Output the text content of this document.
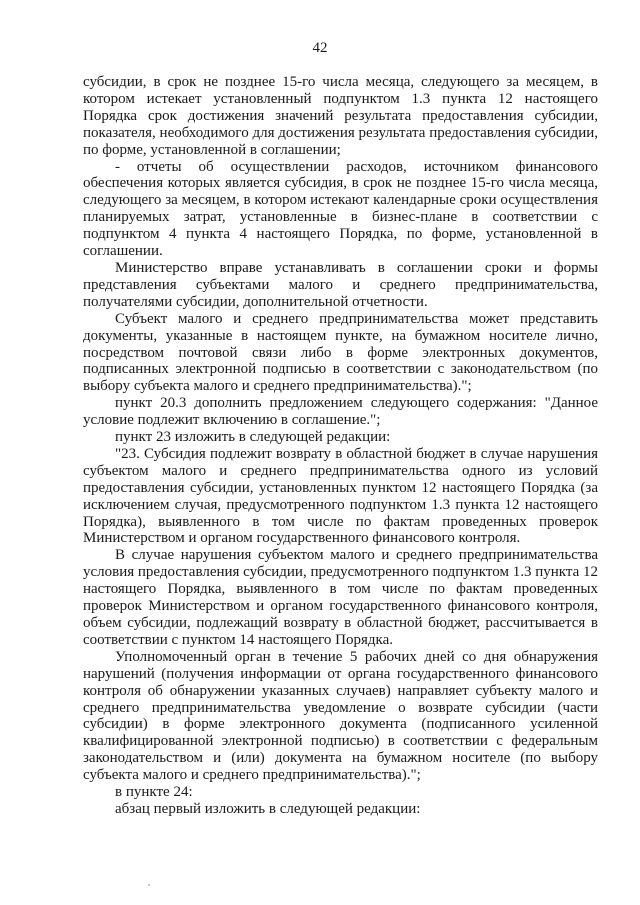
42

субсидии, в срок не позднее 15-го числа месяца, следующего за месяцем, в котором истекает установленный подпунктом 1.3 пункта 12 настоящего Порядка срок достижения значений результата предоставления субсидии, показателя, необходимого для достижения результата предоставления субсидии, по форме, установленной в соглашении;

- отчеты об осуществлении расходов, источником финансового обеспечения которых является субсидия, в срок не позднее 15-го числа месяца, следующего за месяцем, в котором истекают календарные сроки осуществления планируемых затрат, установленные в бизнес-плане в соответствии с подпунктом 4 пункта 4 настоящего Порядка, по форме, установленной в соглашении.

Министерство вправе устанавливать в соглашении сроки и формы представления субъектами малого и среднего предпринимательства, получателями субсидии, дополнительной отчетности.

Субъект малого и среднего предпринимательства может представить документы, указанные в настоящем пункте, на бумажном носителе лично, посредством почтовой связи либо в форме электронных документов, подписанных электронной подписью в соответствии с законодательством (по выбору субъекта малого и среднего предпринимательства).";

пункт 20.3 дополнить предложением следующего содержания: "Данное условие подлежит включению в соглашение.";

пункт 23 изложить в следующей редакции:

"23. Субсидия подлежит возврату в областной бюджет в случае нарушения субъектом малого и среднего предпринимательства одного из условий предоставления субсидии, установленных пунктом 12 настоящего Порядка (за исключением случая, предусмотренного подпунктом 1.3 пункта 12 настоящего Порядка), выявленного в том числе по фактам проведенных проверок Министерством и органом государственного финансового контроля.

В случае нарушения субъектом малого и среднего предпринимательства условия предоставления субсидии, предусмотренного подпунктом 1.3 пункта 12 настоящего Порядка, выявленного в том числе по фактам проведенных проверок Министерством и органом государственного финансового контроля, объем субсидии, подлежащий возврату в областной бюджет, рассчитывается в соответствии с пунктом 14 настоящего Порядка.

Уполномоченный орган в течение 5 рабочих дней со дня обнаружения нарушений (получения информации от органа государственного финансового контроля об обнаружении указанных случаев) направляет субъекту малого и среднего предпринимательства уведомление о возврате субсидии (части субсидии) в форме электронного документа (подписанного усиленной квалифицированной электронной подписью) в соответствии с федеральным законодательством и (или) документа на бумажном носителе (по выбору субъекта малого и среднего предпринимательства).";

в пункте 24:

абзац первый изложить в следующей редакции:
